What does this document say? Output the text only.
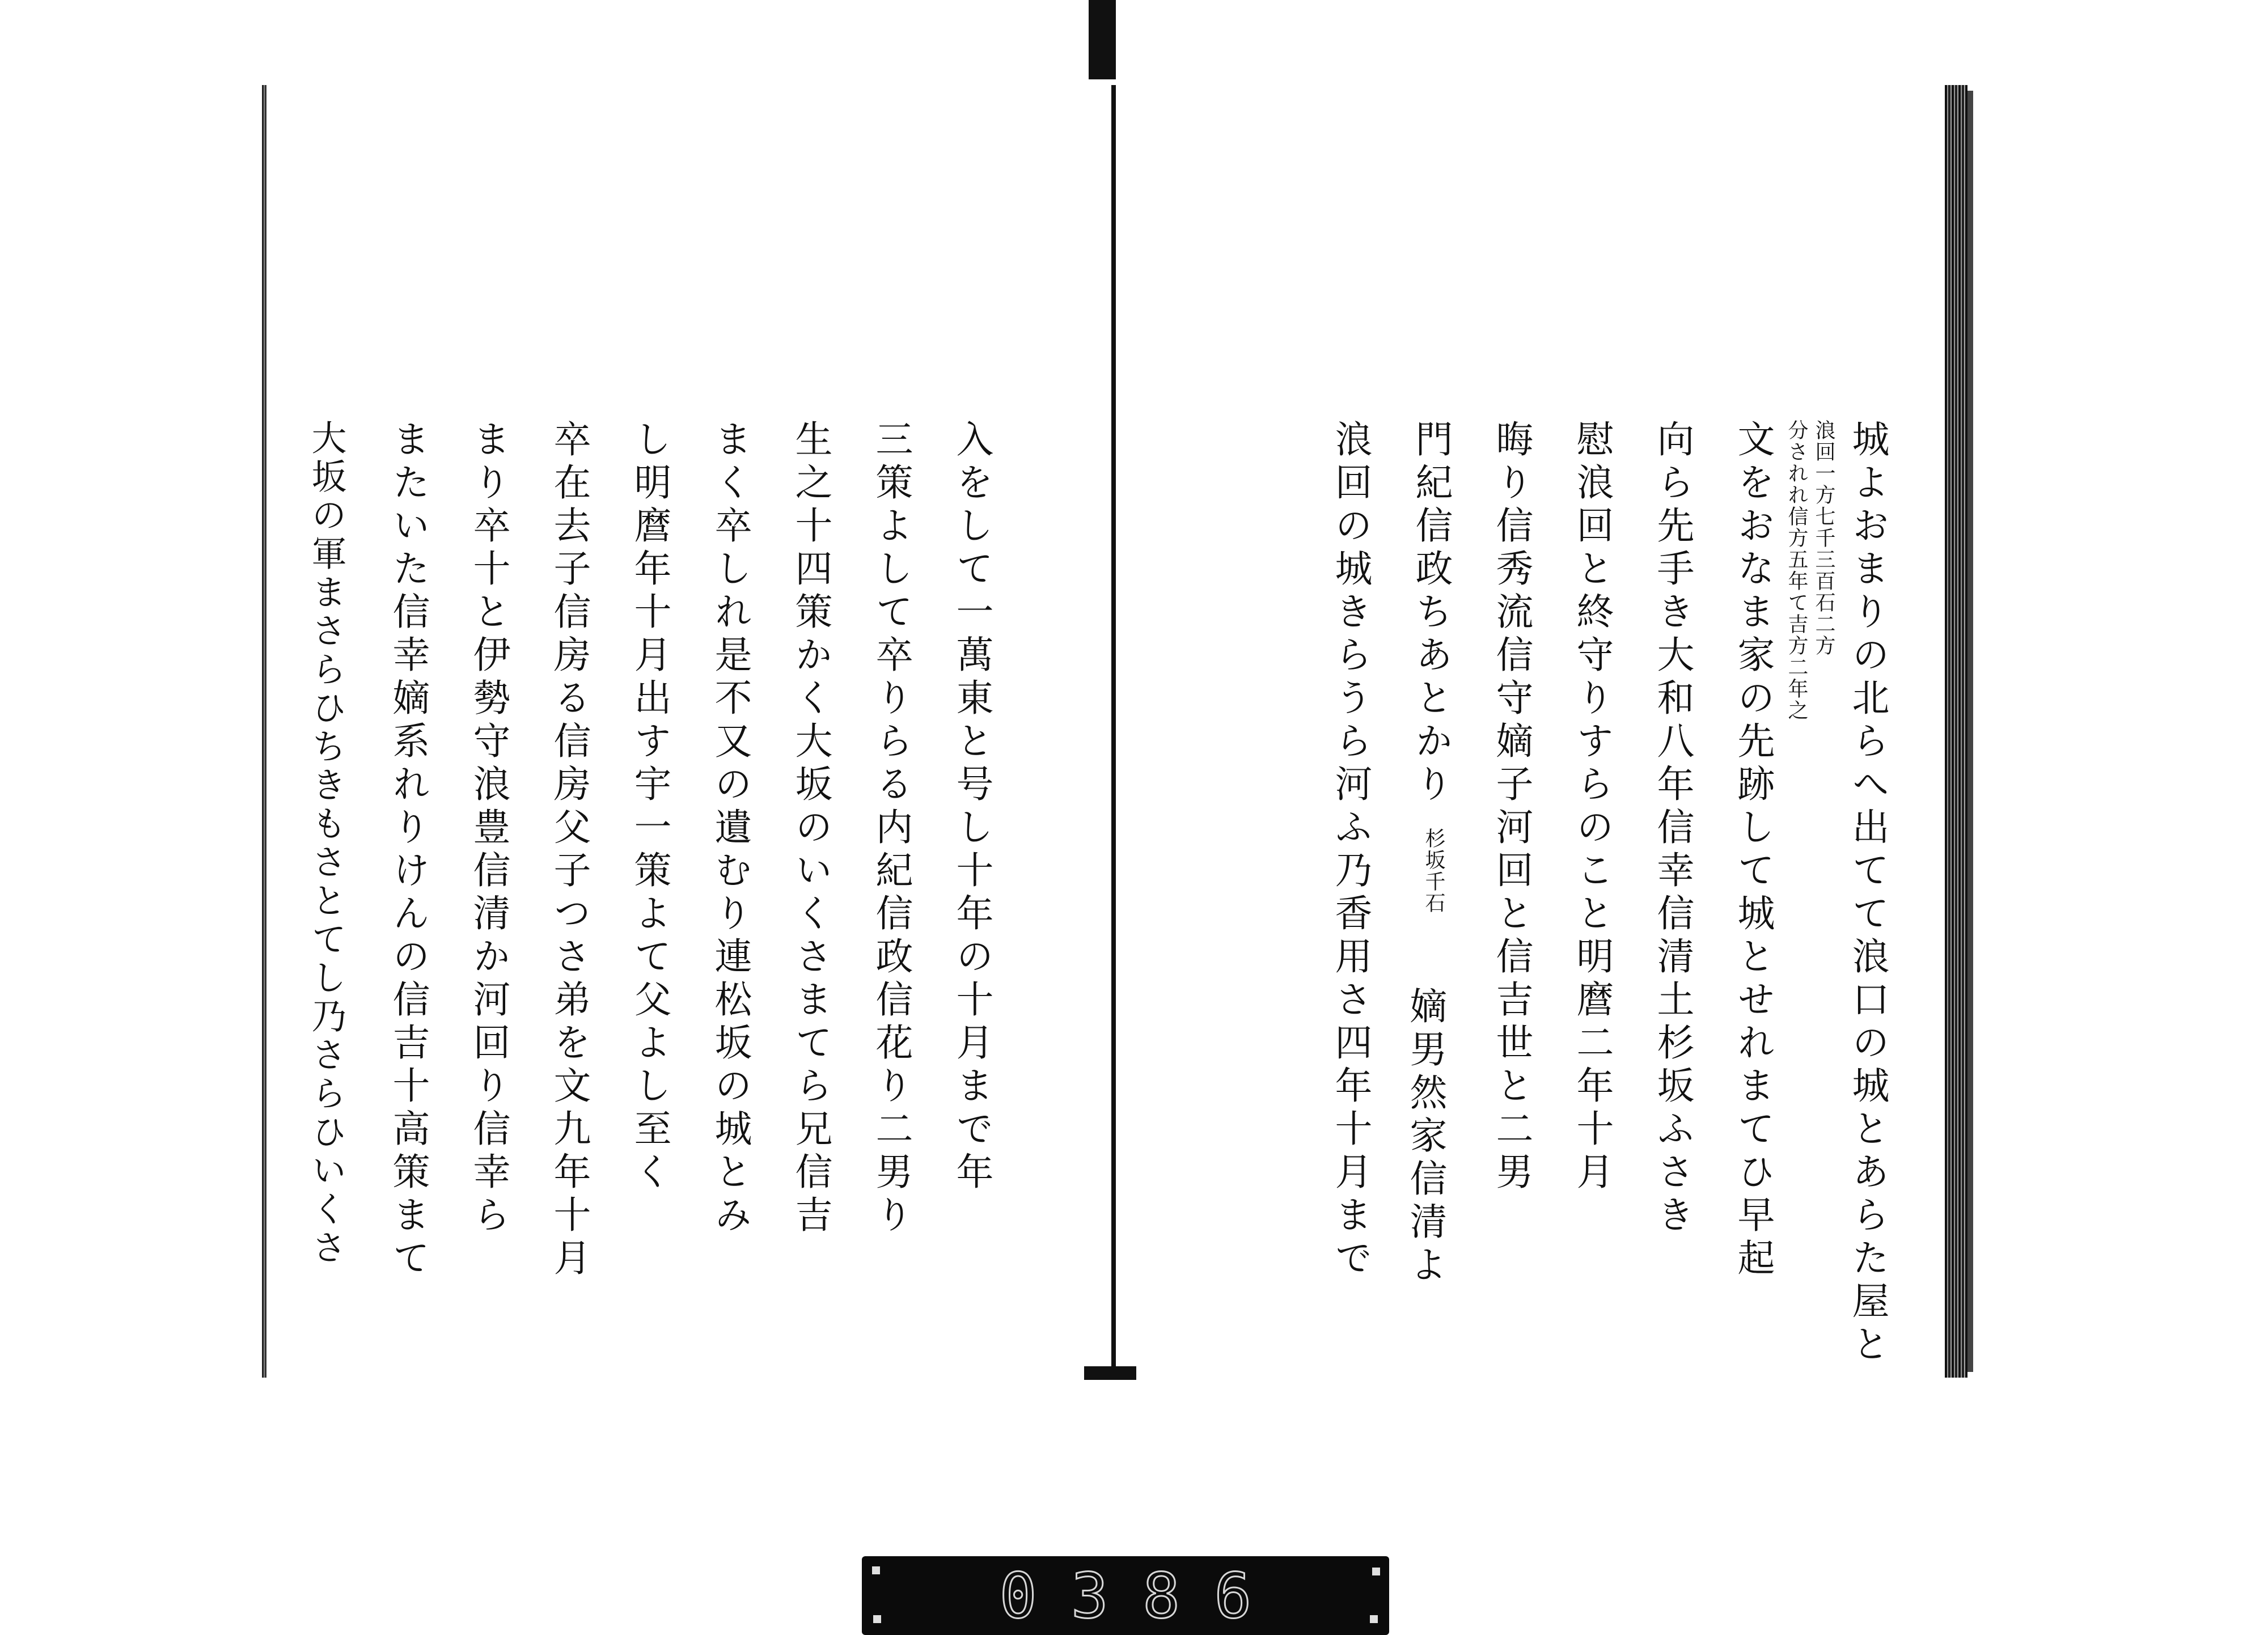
入をして一萬東と号し十年の十月まで年
三策よして卒りらる内紀信政信花り二男り
生之十四策かく大坂のいくさまてら兄信吉
まく卒しれ是不又の遺むり連松坂の城とみ
し明麿年十月出す宇一策よて父よし至く
卒在去子信房る信房父子つさ弟を文九年十月
まり卒十と伊勢守浪豊信清か河回り信幸ら
またいた信幸嫡系れりけんの信吉十高策まて
大坂の軍まさらひちきもさとてし乃さらひいくさ	城よおまりの北らへ出てて浪口の城とあらた屋と
浪回一方七千三百石二方
分されれ信方五年て吉方二年之
文をおなま家の先跡して城とせれまてひ早起
向ら先手き大和八年信幸信清土杉坂ふさき
慰浪回と終守りすらのこと明麿二年十月
晦り信秀流信守嫡子河回と信吉世と二男
門紀信政ちあとかり
杉坂千石
嫡男然家信清よ
浪回の城きらうら河ふ乃香用さ四年十月まで
0 3 8 6
